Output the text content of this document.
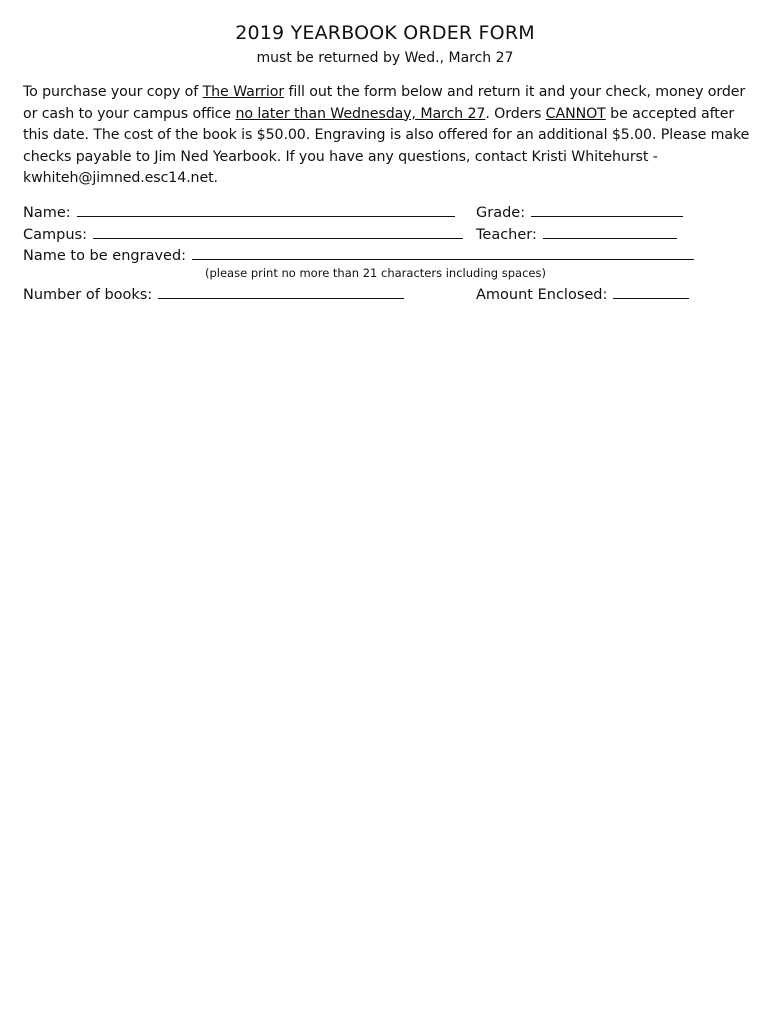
2019 YEARBOOK ORDER FORM
must be returned by Wed., March 27
To purchase your copy of The Warrior fill out the form below and return it and your check, money order or cash to your campus office no later than Wednesday, March 27. Orders CANNOT be accepted after this date. The cost of the book is $50.00. Engraving is also offered for an additional $5.00. Please make checks payable to Jim Ned Yearbook. If you have any questions, contact Kristi Whitehurst - kwhiteh@jimned.esc14.net.
Name:	Grade:
Campus:	Teacher:
Name to be engraved:
(please print no more than 21 characters including spaces)
Number of books:	Amount Enclosed:
